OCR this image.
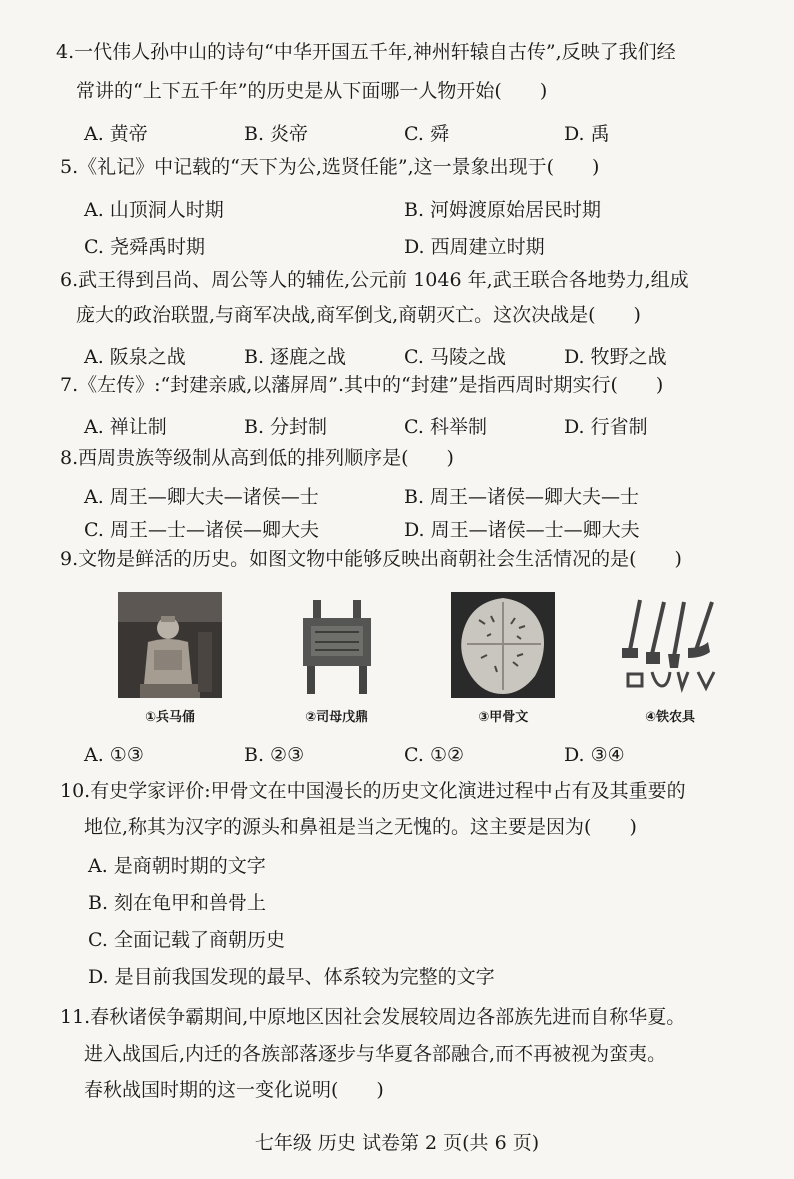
4.一代伟人孙中山的诗句“中华开国五千年,神州轩辕自古传”,反映了我们经
常讲的“上下五千年”的历史是从下面哪一人物开始(　　)
A. 黄帝	B. 炎帝	C. 舜	D. 禹
5.《礼记》中记载的“天下为公,选贤任能”,这一景象出现于(　　)
A. 山顶洞人时期	B. 河姆渡原始居民时期
C. 尧舜禹时期	D. 西周建立时期
6.武王得到吕尚、周公等人的辅佐,公元前 1046 年,武王联合各地势力,组成
庞大的政治联盟,与商军决战,商军倒戈,商朝灭亡。这次决战是(　　)
A. 阪泉之战	B. 逐鹿之战	C. 马陵之战	D. 牧野之战
7.《左传》:“封建亲戚,以藩屏周”.其中的“封建”是指西周时期实行(　　)
A. 禅让制	B. 分封制	C. 科举制	D. 行省制
8.西周贵族等级制从高到低的排列顺序是(　　)
A. 周王—卿大夫—诸侯—士	B. 周王—诸侯—卿大夫—士
C. 周王—士—诸侯—卿大夫	D. 周王—诸侯—士—卿大夫
9.文物是鲜活的历史。如图文物中能够反映出商朝社会生活情况的是(　　)
①兵马俑	②司母戊鼎	③甲骨文	④铁农具
A. ①③	B. ②③	C. ①②	D. ③④
10.有史学家评价:甲骨文在中国漫长的历史文化演进过程中占有及其重要的
地位,称其为汉字的源头和鼻祖是当之无愧的。这主要是因为(　　)
A. 是商朝时期的文字
B. 刻在龟甲和兽骨上
C. 全面记载了商朝历史
D. 是目前我国发现的最早、体系较为完整的文字
11.春秋诸侯争霸期间,中原地区因社会发展较周边各部族先进而自称华夏。
进入战国后,内迁的各族部落逐步与华夏各部融合,而不再被视为蛮夷。
春秋战国时期的这一变化说明(　　)
七年级 历史 试卷第 2 页(共 6 页)
